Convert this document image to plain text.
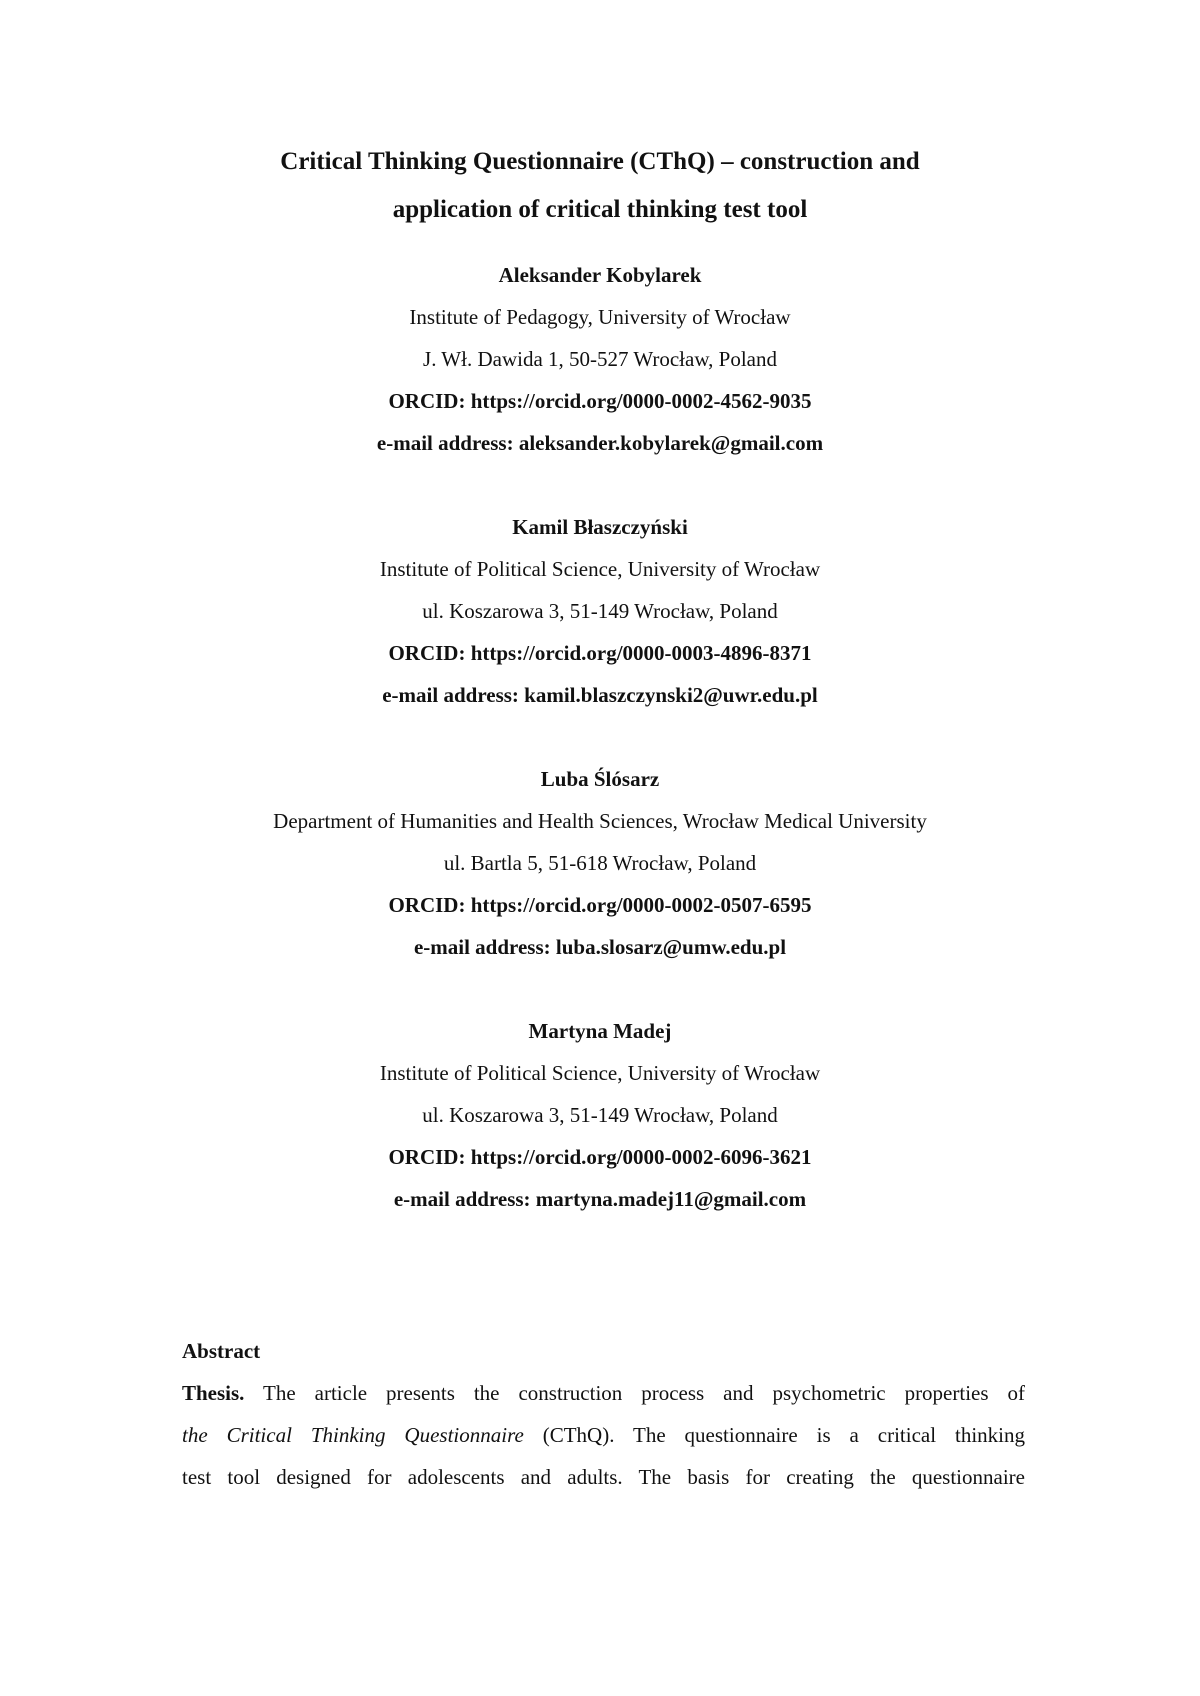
Critical Thinking Questionnaire (CThQ) – construction and
application of critical thinking test tool
Aleksander Kobylarek
Institute of Pedagogy, University of Wrocław
J. Wł. Dawida 1, 50-527 Wrocław, Poland
ORCID: https://orcid.org/0000-0002-4562-9035
e-mail address: aleksander.kobylarek@gmail.com
Kamil Błaszczyński
Institute of Political Science, University of Wrocław
ul. Koszarowa 3, 51-149 Wrocław, Poland
ORCID: https://orcid.org/0000-0003-4896-8371
e-mail address: kamil.blaszczynski2@uwr.edu.pl
Luba Ślósarz
Department of Humanities and Health Sciences, Wrocław Medical University
ul. Bartla 5, 51-618 Wrocław, Poland
ORCID: https://orcid.org/0000-0002-0507-6595
e-mail address: luba.slosarz@umw.edu.pl
Martyna Madej
Institute of Political Science, University of Wrocław
ul. Koszarowa 3, 51-149 Wrocław, Poland
ORCID: https://orcid.org/0000-0002-6096-3621
e-mail address: martyna.madej11@gmail.com
Abstract
Thesis. The article presents the construction process and psychometric properties of
the Critical Thinking Questionnaire (CThQ). The questionnaire is a critical thinking
test tool designed for adolescents and adults. The basis for creating the questionnaire
